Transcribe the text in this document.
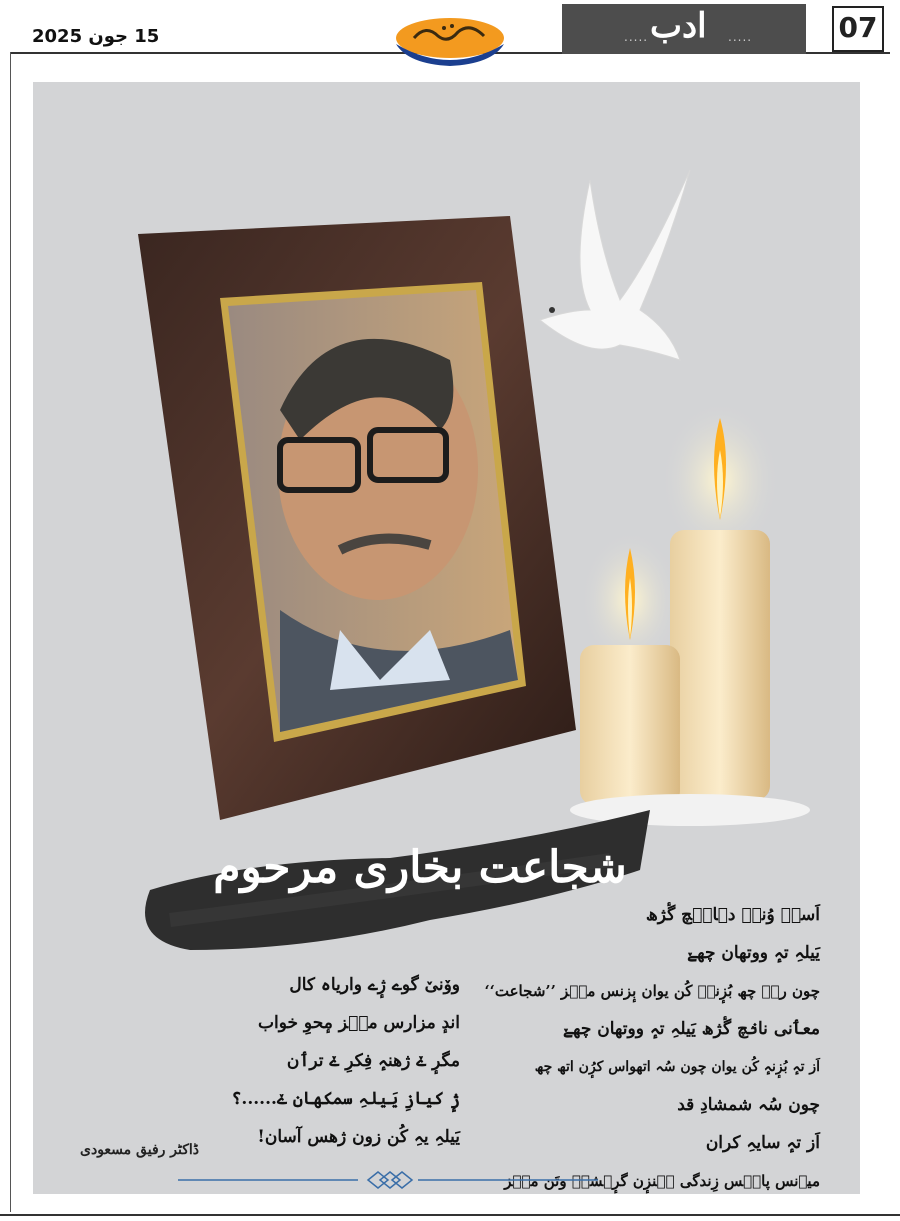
15 جون 2025	.....	.....
ادب	07
شجاعت بخاری مرحوم
اَسہِ وُنہٕ دہانٛچ گٔژھ
یَیلہِ تہٕ ووتھان چھےٚ
چون رہے چھ بُزٕنہٕ کُن یوان بٕزنس منٛز ’’شجاعت‘‘
معٲنی نانٛچ گٔژھ یَیلہِ تہٕ ووتھان چھےٚ
اَز تہٕ بُزٕنہٕ کُن یوان چون سُہ اتھواس کرُٕن اتھ چھ
چون سُہ شمشادِ قد
اَز تہٕ سایہِ کران
میٲنس پانٛس زِندگی ہٕنزٕن گرٕہشہٕ وتَن منٛز
ووٚنیٚ گوے ژٕے واریاہ کال
اندٕ مزارس منٛز مٕحوِ خواب
مگرٕ ےٚ ژھنہٕ فِکرِ ےٚ ترٲن
ژٕ کیازِ یَیلہِ سمکھان ےٚ......؟
یَیلہِ یہِ کُن زون ژھس آسان!
ڈاکٹر رفیق مسعودی
